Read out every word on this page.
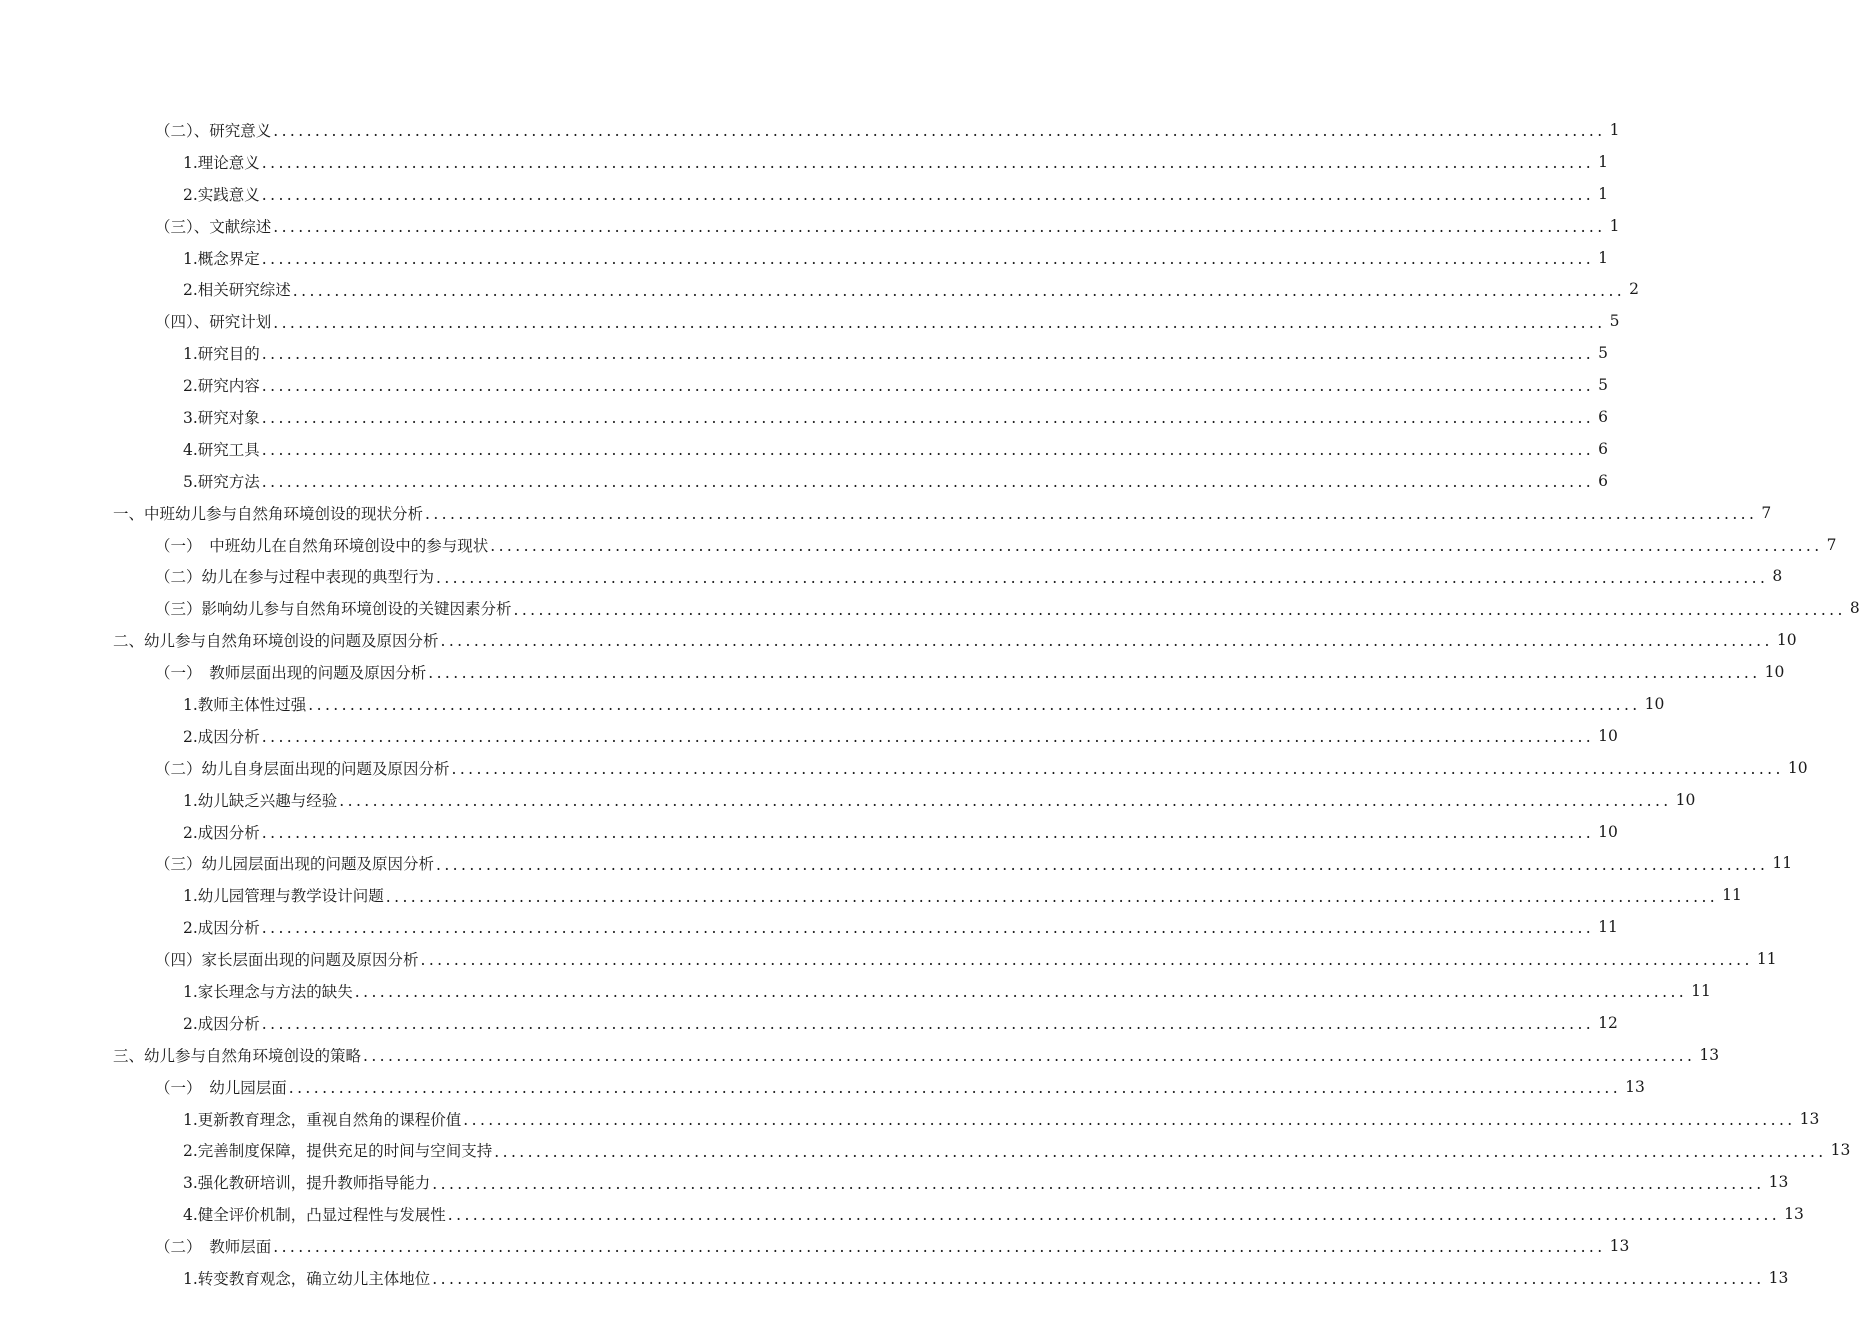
（二）、研究意义 ................................................................................................................................................................ 1
1.理论意义 ................................................................................................................................................................ 1
2.实践意义 ................................................................................................................................................................ 1
（三）、文献综述 ................................................................................................................................................................ 1
1.概念界定 ................................................................................................................................................................ 1
2.相关研究综述 ................................................................................................................................................................ 2
（四）、研究计划 ................................................................................................................................................................ 5
1.研究目的 ................................................................................................................................................................ 5
2.研究内容 ................................................................................................................................................................ 5
3.研究对象 ................................................................................................................................................................ 6
4.研究工具 ................................................................................................................................................................ 6
5.研究方法 ................................................................................................................................................................ 6
一、中班幼儿参与自然角环境创设的现状分析 ................................................................................................................................................................ 7
（一）　中班幼儿在自然角环境创设中的参与现状 ................................................................................................................................................................ 7
（二）幼儿在参与过程中表现的典型行为 ................................................................................................................................................................ 8
（三）影响幼儿参与自然角环境创设的关键因素分析 ................................................................................................................................................................ 8
二、幼儿参与自然角环境创设的问题及原因分析 ................................................................................................................................................................ 10
（一）　教师层面出现的问题及原因分析 ................................................................................................................................................................ 10
1.教师主体性过强 ................................................................................................................................................................ 10
2.成因分析 ................................................................................................................................................................ 10
（二）幼儿自身层面出现的问题及原因分析 ................................................................................................................................................................ 10
1.幼儿缺乏兴趣与经验 ................................................................................................................................................................ 10
2.成因分析 ................................................................................................................................................................ 10
（三）幼儿园层面出现的问题及原因分析 ................................................................................................................................................................ 11
1.幼儿园管理与教学设计问题 ................................................................................................................................................................ 11
2.成因分析 ................................................................................................................................................................ 11
（四）家长层面出现的问题及原因分析 ................................................................................................................................................................ 11
1.家长理念与方法的缺失 ................................................................................................................................................................ 11
2.成因分析 ................................................................................................................................................................ 12
三、幼儿参与自然角环境创设的策略 ................................................................................................................................................................ 13
（一）　幼儿园层面 ................................................................................................................................................................ 13
1.更新教育理念，重视自然角的课程价值 ................................................................................................................................................................ 13
2.完善制度保障，提供充足的时间与空间支持 ................................................................................................................................................................ 13
3.强化教研培训，提升教师指导能力 ................................................................................................................................................................ 13
4.健全评价机制，凸显过程性与发展性 ................................................................................................................................................................ 13
（二）　教师层面 ................................................................................................................................................................ 13
1.转变教育观念，确立幼儿主体地位 ................................................................................................................................................................ 13
